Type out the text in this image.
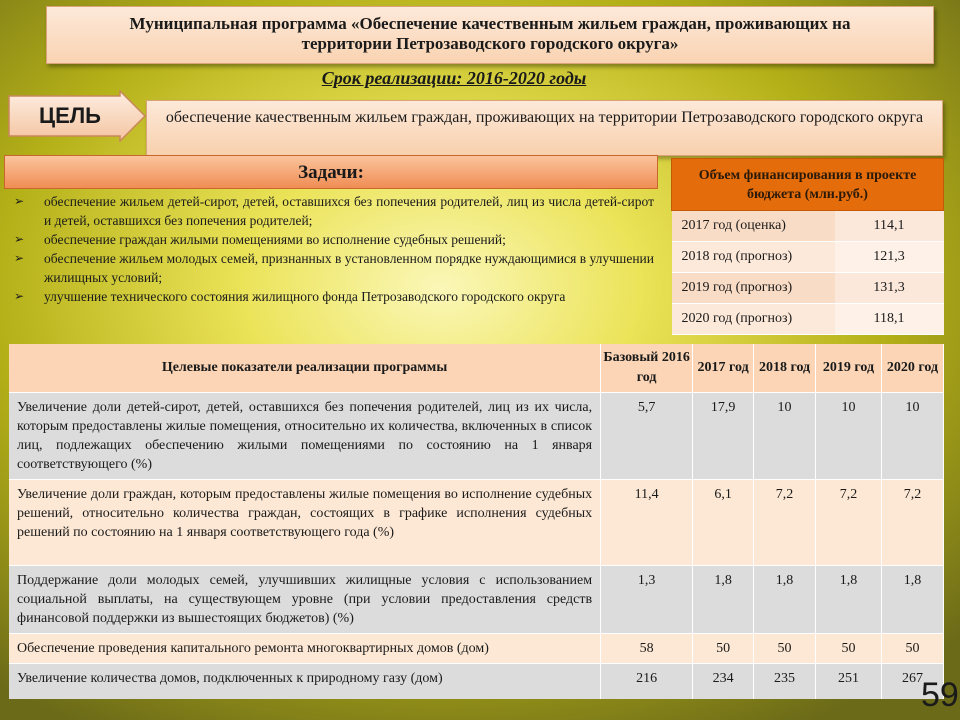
Муниципальная программа «Обеспечение качественным жильем граждан, проживающих на
территории Петрозаводского городского округа»
Срок реализации: 2016-2020 годы
ЦЕЛЬ	обеспечение качественным жильем граждан, проживающих на территории Петрозаводского городского округа
Задачи:
➢ обеспечение жильем детей-сирот, детей, оставшихся без попечения родителей, лиц из числа детей-сирот и детей, оставшихся без попечения родителей;
➢ обеспечение граждан жилыми помещениями во исполнение судебных решений;
➢ обеспечение жильем молодых семей, признанных в установленном порядке нуждающимися в улучшении жилищных условий;
➢ улучшение технического состояния жилищного фонда Петрозаводского городского округа
Объем финансирования в проекте бюджета (млн.руб.)	
2017 год (оценка)	114,1
2018 год (прогноз)	121,3
2019 год (прогноз)	131,3
2020 год (прогноз)	118,1
Целевые показатели реализации программы	Базовый 2016 год	2017 год	2018 год	2019 год	2020 год
Увеличение доли детей-сирот, детей, оставшихся без попечения родителей, лиц из их числа, которым предоставлены жилые помещения, относительно их количества, включенных в список лиц, подлежащих обеспечению жилыми помещениями по состоянию на 1 января соответствующего (%)	5,7	17,9	10	10	10
Увеличение доли граждан, которым предоставлены жилые помещения во исполнение судебных решений, относительно количества граждан, состоящих в графике исполнения судебных решений по состоянию на 1 января соответствующего года (%)	11,4	6,1	7,2	7,2	7,2
Поддержание доли молодых семей, улучшивших жилищные условия с использованием социальной выплаты, на существующем уровне (при условии предоставления средств финансовой поддержки из вышестоящих бюджетов) (%)	1,3	1,8	1,8	1,8	1,8
Обеспечение проведения капитального ремонта многоквартирных домов (дом)	58	50	50	50	50
Увеличение количества домов, подключенных к природному газу (дом)	216	234	235	251	267
59
